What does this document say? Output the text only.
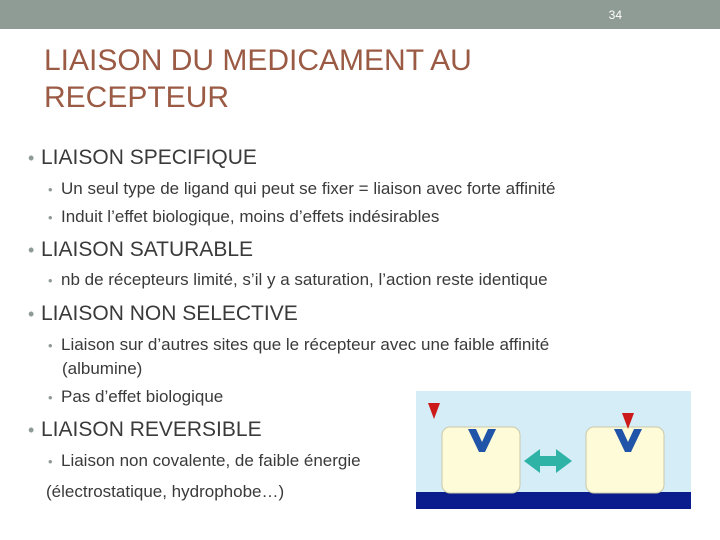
34
LIAISON DU MEDICAMENT AU
RECEPTEUR
• LIAISON SPECIFIQUE
• Un seul type de ligand qui peut se fixer = liaison avec forte affinité
• Induit l’effet biologique, moins d’effets indésirables
• LIAISON SATURABLE
• nb de récepteurs limité, s’il y a saturation, l’action reste identique
• LIAISON NON SELECTIVE
• Liaison sur d’autres sites que le récepteur avec une faible affinité
(albumine)
• Pas d’effet biologique
• LIAISON REVERSIBLE
• Liaison non covalente, de faible énergie
(électrostatique, hydrophobe…)
